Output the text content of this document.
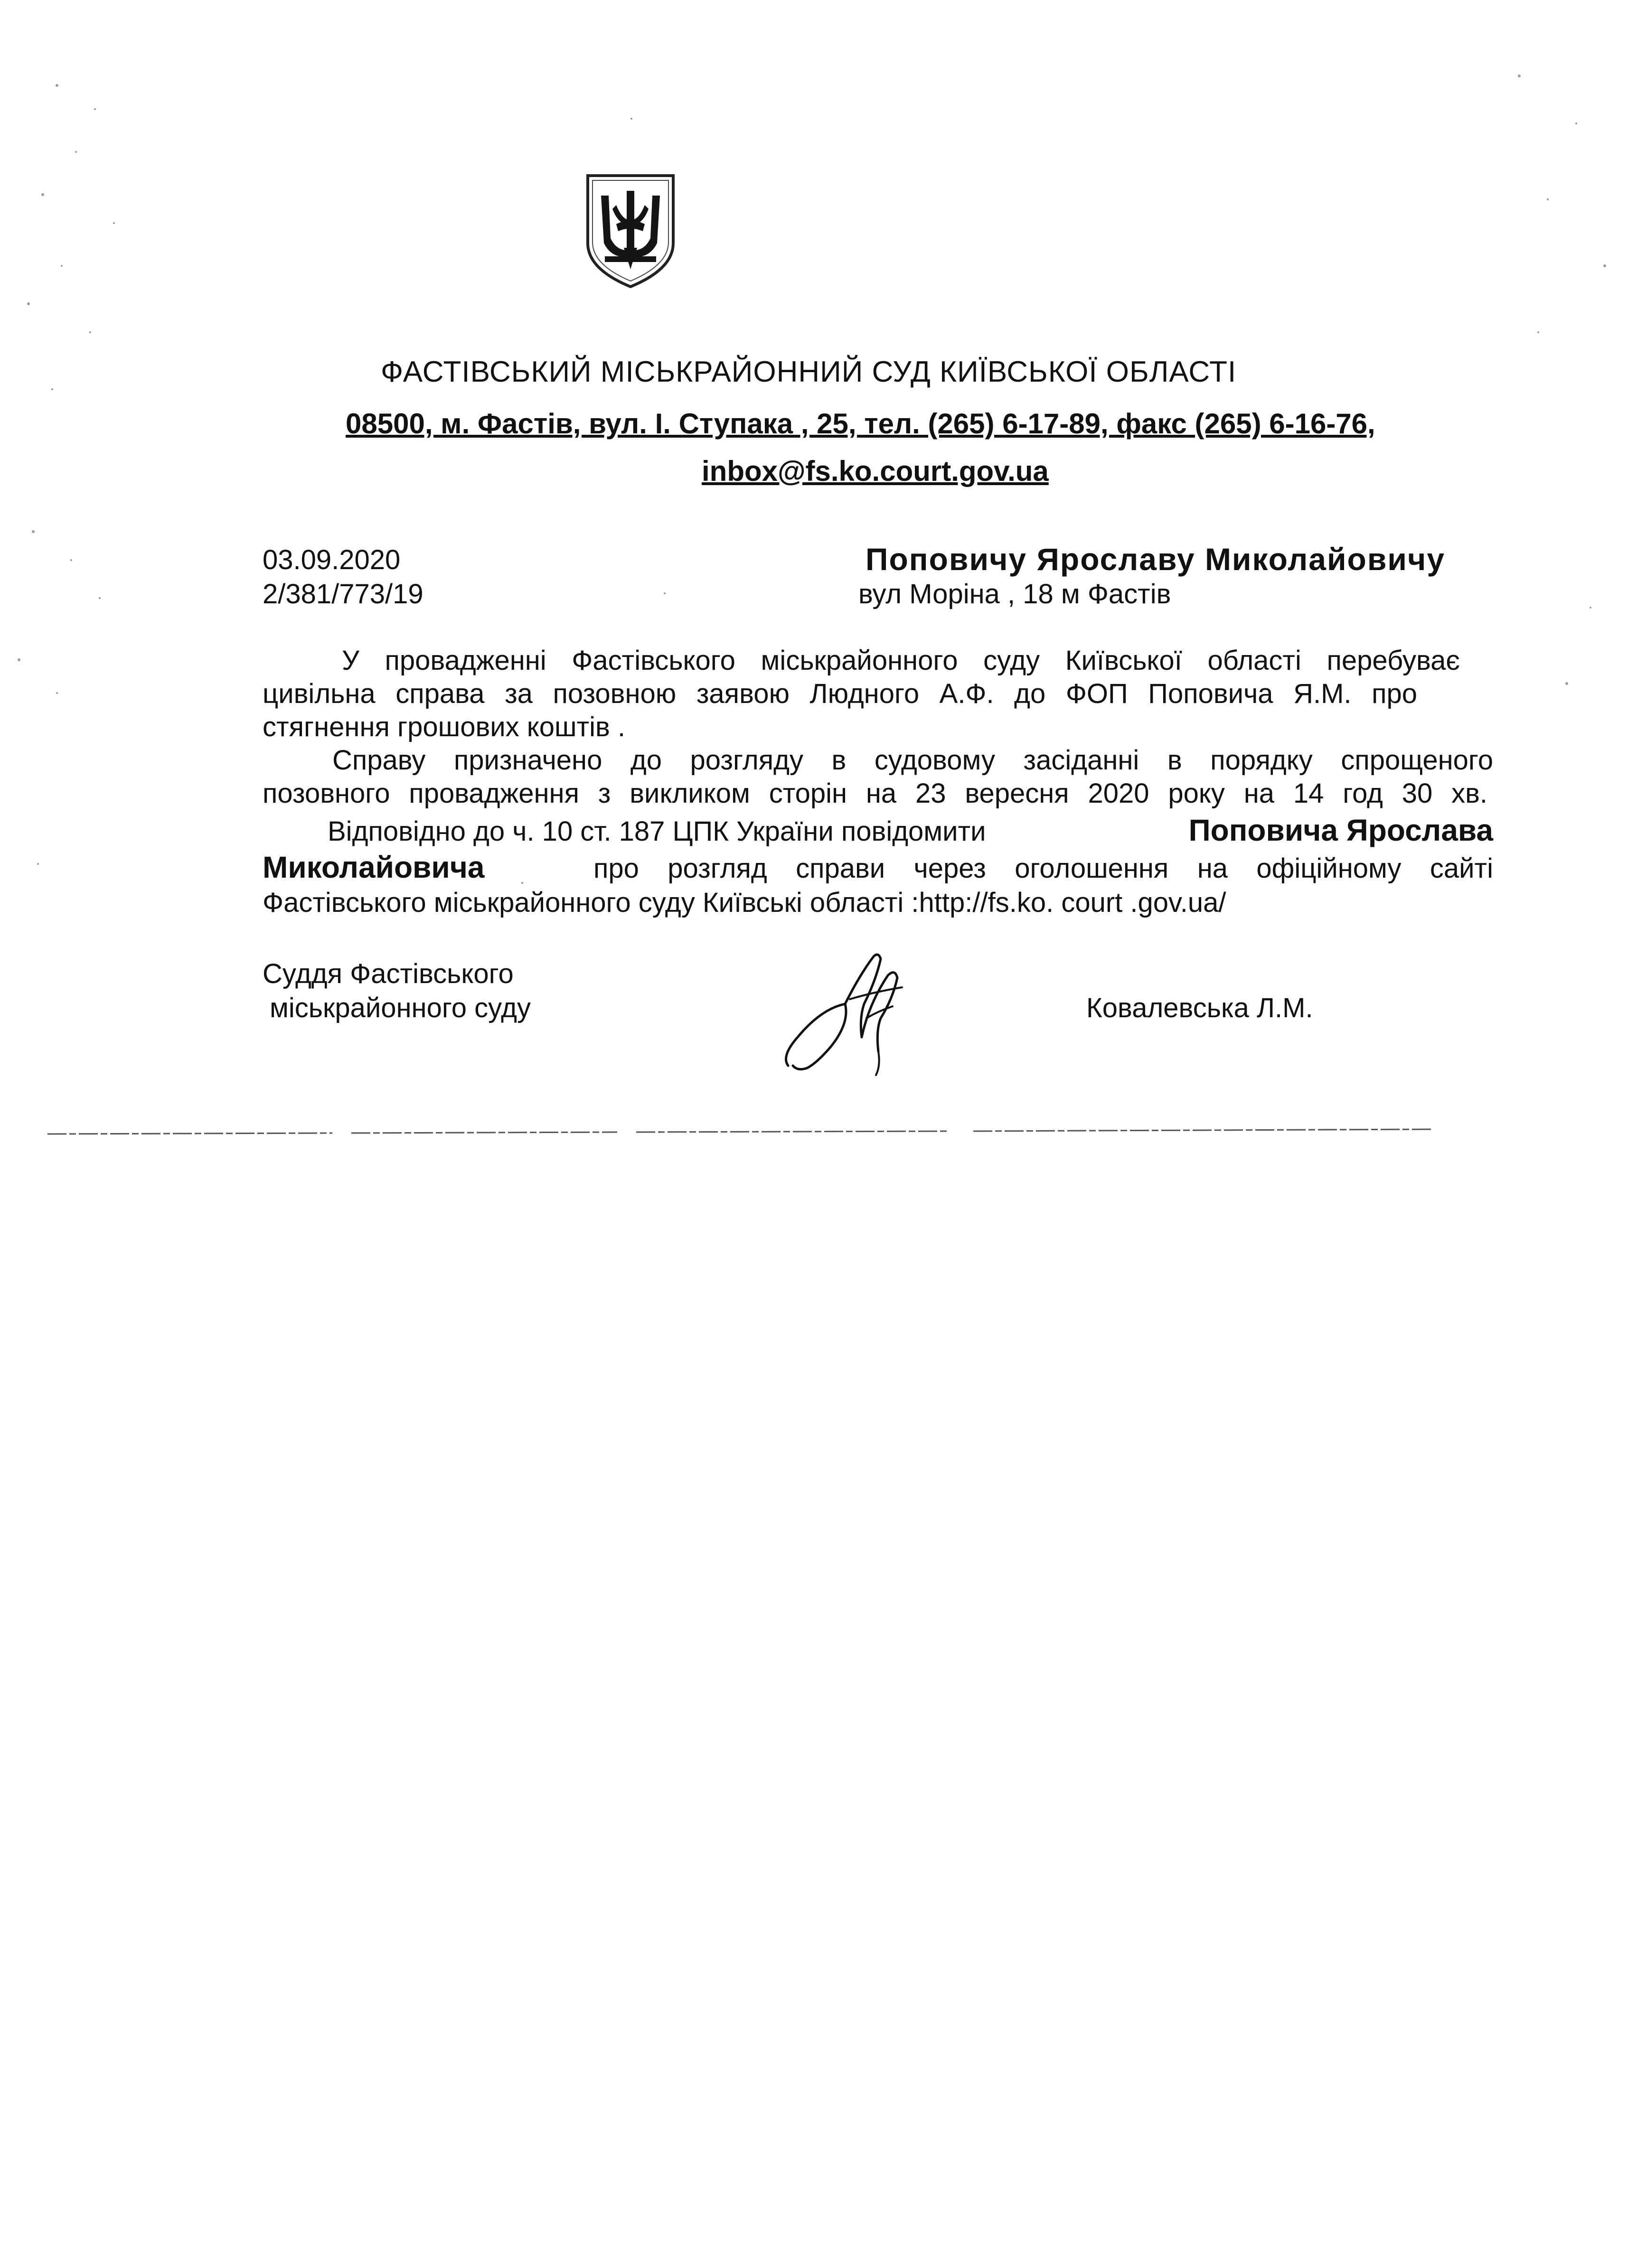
ФАСТІВСЬКИЙ МІСЬКРАЙОННИЙ СУД КИЇВСЬКОЇ ОБЛАСТІ
08500, м. Фастів, вул. І. Ступака , 25, тел. (265) 6-17-89, факс (265) 6-16-76,
inbox@fs.ko.court.gov.ua
03.09.2020
2/381/773/19
Поповичу Ярославу Миколайовичу
вул Моріна , 18 м Фастів
У провадженні Фастівського міськрайонного суду Київської області перебуває
цивільна справа за позовною заявою Людного А.Ф. до ФОП Поповича Я.М. про
стягнення грошових коштів .
Справу призначено до розгляду в судовому засіданні в порядку спрощеного
позовного провадження з викликом сторін на 23 вересня 2020 року на 14 год 30 хв.
Відповідно до ч. 10 ст. 187 ЦПК України повідомити	Поповича Ярослава
Миколайовича	про розгляд справи через оголошення на офіційному сайті
Фастівського міськрайонного суду Київські області :http://fs.ko. court .gov.ua/
Суддя Фастівського
міськрайонного суду	Ковалевська Л.М.
